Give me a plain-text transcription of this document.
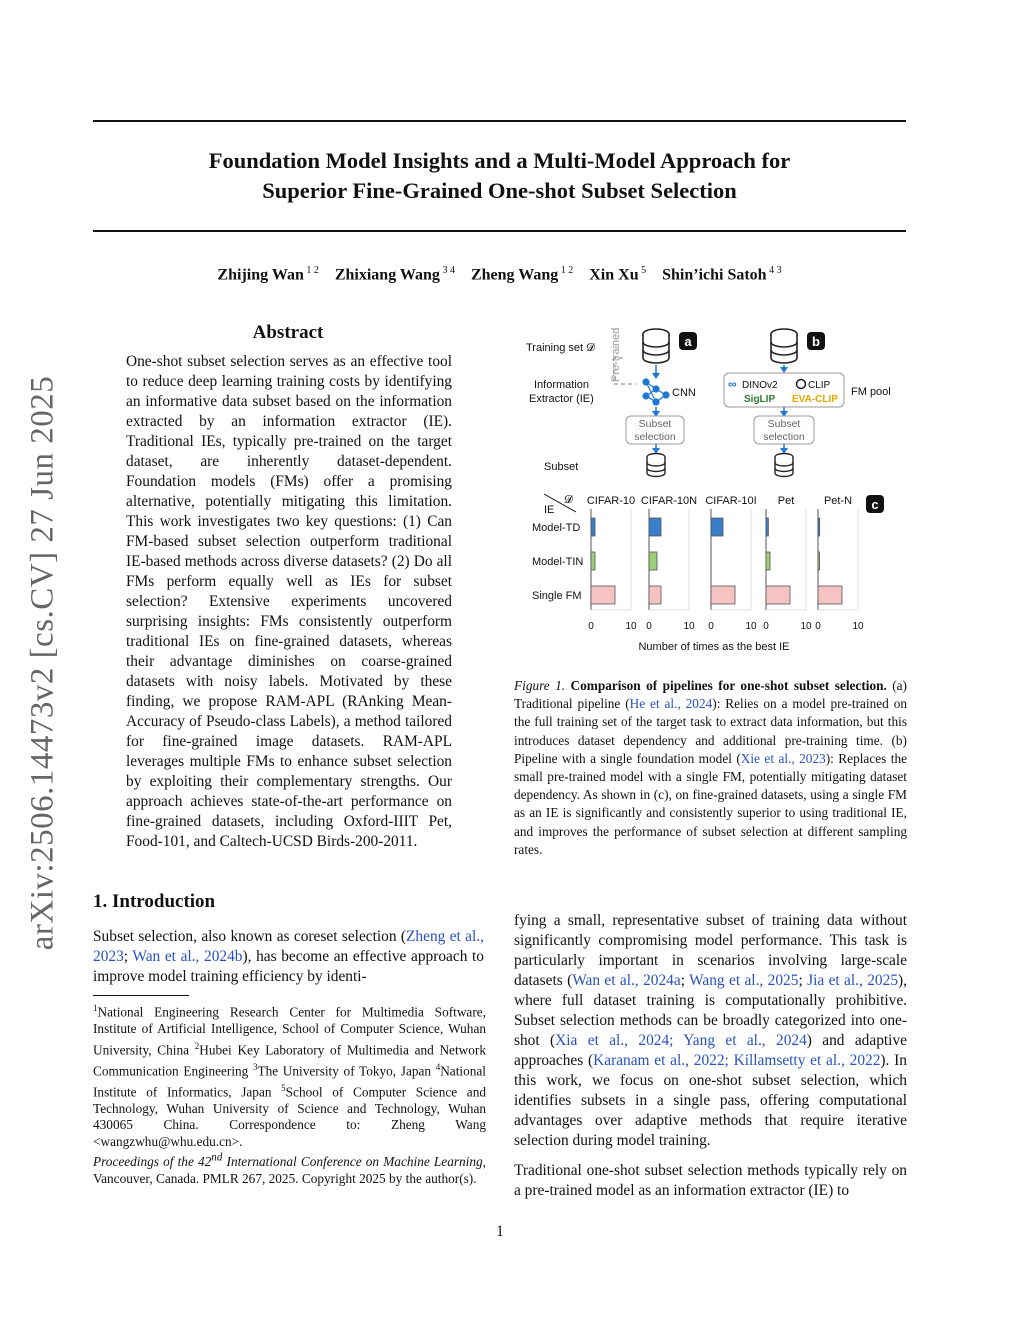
Foundation Model Insights and a Multi-Model Approach for
Superior Fine-Grained One-shot Subset Selection
Zhijing Wan $^{1 2}$  Zhixiang Wang $^{3 4}$  Zheng Wang $^{1 2}$  Xin Xu $^5$  Shin’ichi Satoh $^{4 3}$
arXiv:2506.14473v2 [cs.CV] 27 Jun 2025
Abstract
One-shot subset selection serves as an effective tool to reduce deep learning training costs by identifying an informative data subset based on the information extracted by an information extractor (IE). Traditional IEs, typically pre-trained on the target dataset, are inherently dataset-dependent. Foundation models (FMs) offer a promising alternative, potentially mitigating this limitation. This work investigates two key questions: (1) Can FM-based subset selection outperform traditional IE-based methods across diverse datasets? (2) Do all FMs perform equally well as IEs for subset selection? Extensive experiments uncovered surprising insights: FMs consistently outperform traditional IEs on fine-grained datasets, whereas their advantage diminishes on coarse-grained datasets with noisy labels. Motivated by these finding, we propose RAM-APL (RAnking Mean-Accuracy of Pseudo-class Labels), a method tailored for fine-grained image datasets. RAM-APL leverages multiple FMs to enhance subset selection by exploiting their complementary strengths. Our approach achieves state-of-the-art performance on fine-grained datasets, including Oxford-IIIT Pet, Food-101, and Caltech-UCSD Birds-200-2011.
1. Introduction
Subset selection, also known as coreset selection (Zheng et al., 2023; Wan et al., 2024b), has become an effective approach to improve model training efficiency by identi-
$^1$National Engineering Research Center for Multimedia Software, Institute of Artificial Intelligence, School of Computer Science, Wuhan University, China $^2$Hubei Key Laboratory of Multimedia and Network Communication Engineering $^3$The University of Tokyo, Japan $^4$National Institute of Informatics, Japan $^5$School of Computer Science and Technology, Wuhan University of Science and Technology, Wuhan 430065 China. Correspondence to: Zheng Wang <wangzwhu@whu.edu.cn>.
Proceedings of the 42nd International Conference on Machine Learning, Vancouver, Canada. PMLR 267, 2025. Copyright 2025 by the author(s).
Training set 𝓓
Information
Extractor (IE)
Subset
Pre-trained	a
CNN
Subset
selection
b
∞ DINOv2	CLIP
SigLIP EVA-CLIP
FM pool
Subset
selection
c
IE
𝓓
Model-TD
Model-TIN
Single FM
CIFAR-10
0	10
CIFAR-10N
0	10
CIFAR-10I
0	10
Pet
0	10
Pet-N
0	10
Number of times as the best IE
Figure 1. Comparison of pipelines for one-shot subset selection. (a) Traditional pipeline (He et al., 2024): Relies on a model pre-trained on the full training set of the target task to extract data information, but this introduces dataset dependency and additional pre-training time. (b) Pipeline with a single foundation model (Xie et al., 2023): Replaces the small pre-trained model with a single FM, potentially mitigating dataset dependency. As shown in (c), on fine-grained datasets, using a single FM as an IE is significantly and consistently superior to using traditional IE, and improves the performance of subset selection at different sampling rates.
fying a small, representative subset of training data without significantly compromising model performance. This task is particularly important in scenarios involving large-scale datasets (Wan et al., 2024a; Wang et al., 2025; Jia et al., 2025), where full dataset training is computationally prohibitive. Subset selection methods can be broadly categorized into one-shot (Xia et al., 2024; Yang et al., 2024) and adaptive approaches (Karanam et al., 2022; Killamsetty et al., 2022). In this work, we focus on one-shot subset selection, which identifies subsets in a single pass, offering computational advantages over adaptive methods that require iterative selection during model training.
Traditional one-shot subset selection methods typically rely on a pre-trained model as an information extractor (IE) to
1
